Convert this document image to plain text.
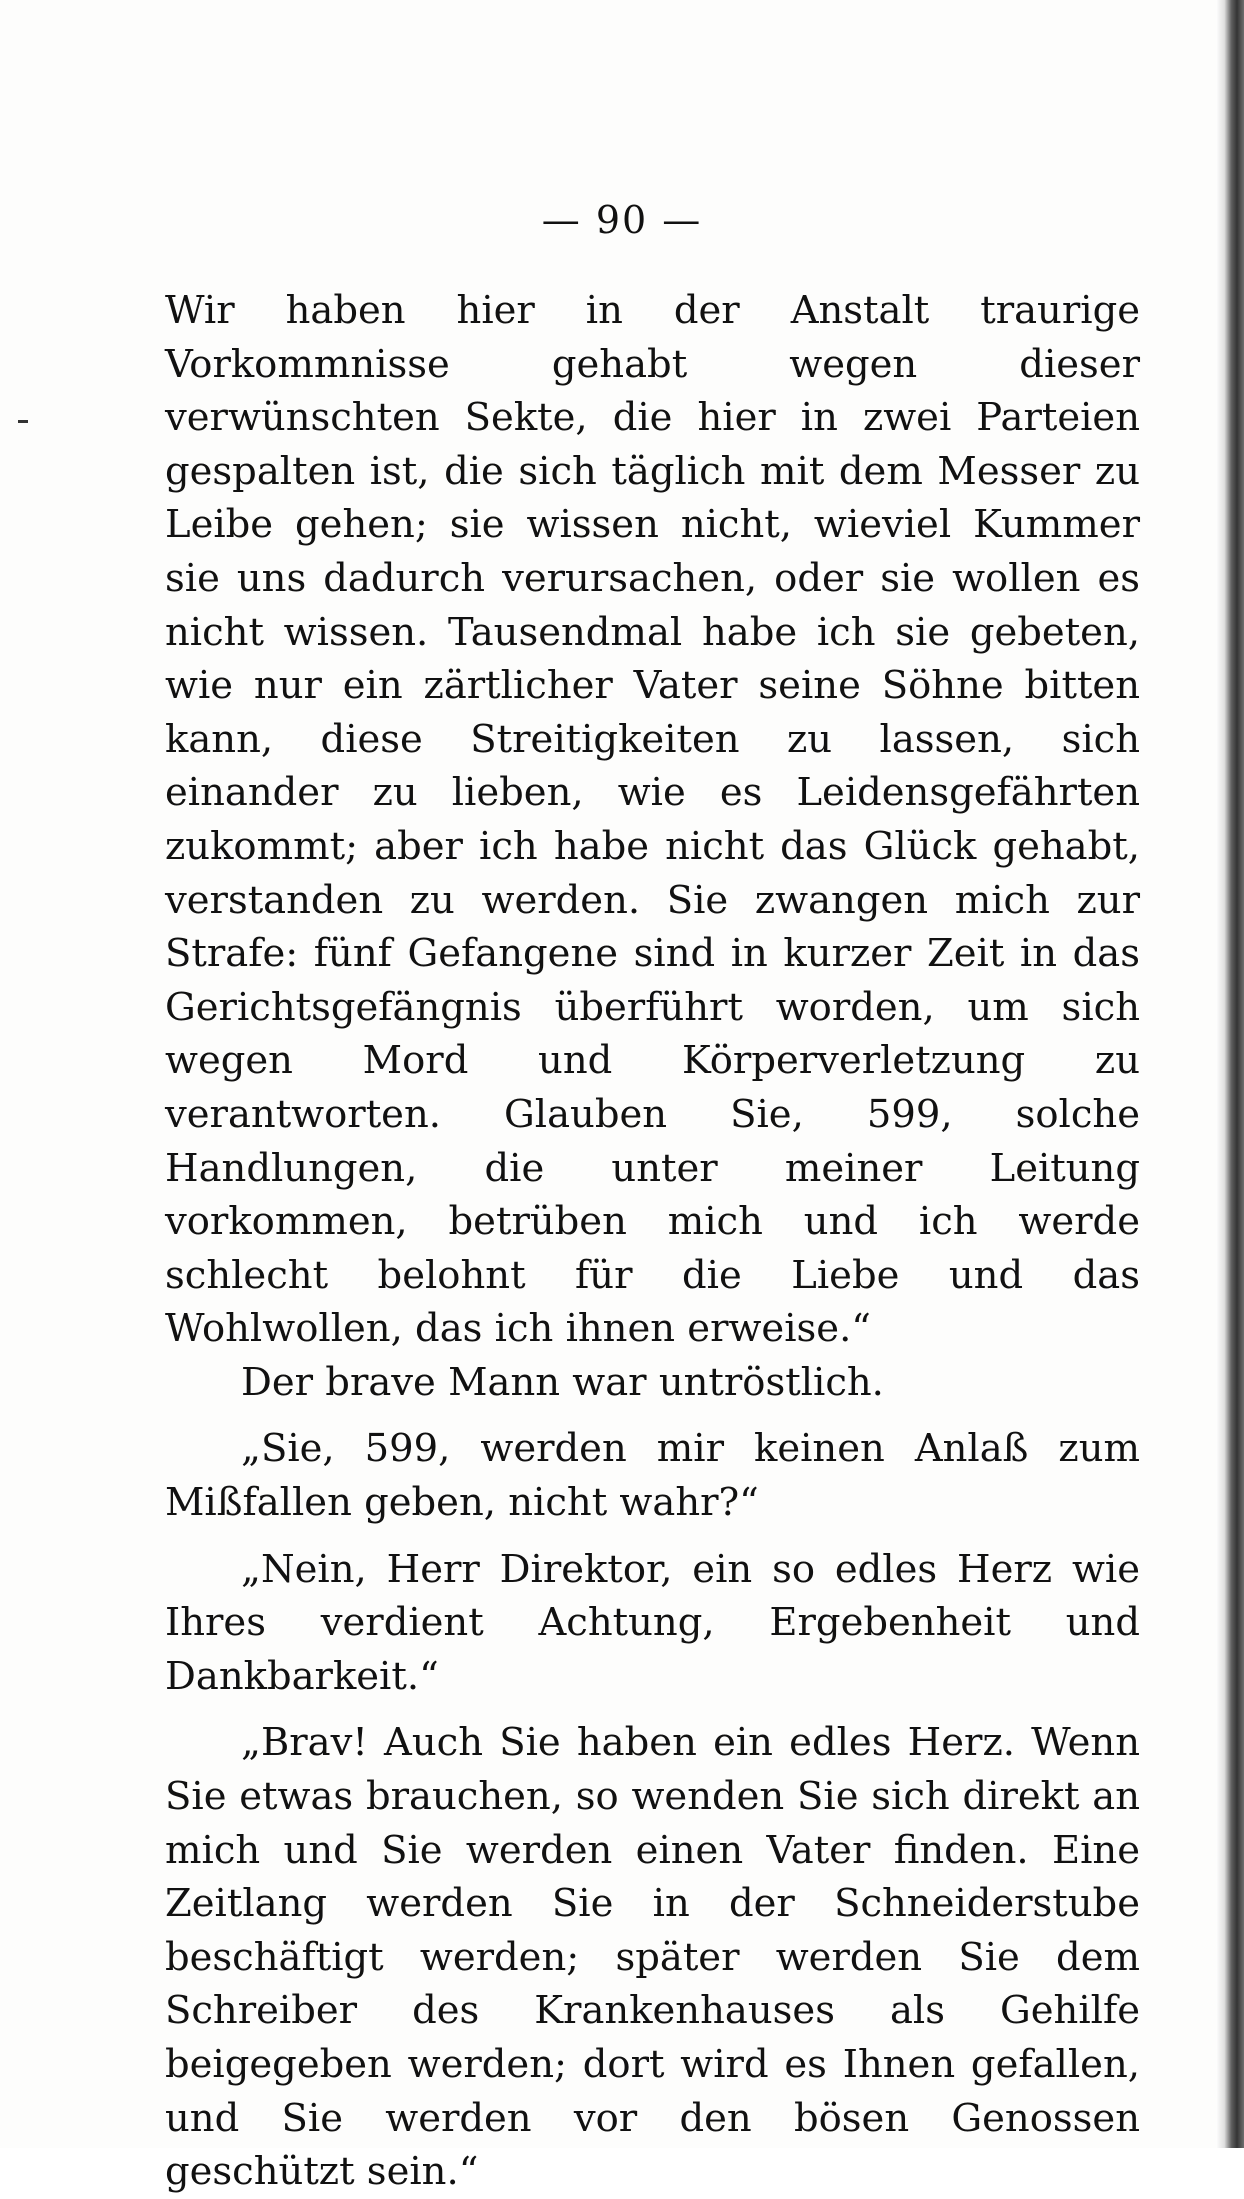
— 90 —

Wir haben hier in der Anstalt traurige Vorkommnisse gehabt wegen dieser verwünschten Sekte, die hier in zwei Parteien gespalten ist, die sich täglich mit dem Messer zu Leibe gehen; sie wissen nicht, wieviel Kummer sie uns dadurch verursachen, oder sie wollen es nicht wissen. Tausendmal habe ich sie gebeten, wie nur ein zärtlicher Vater seine Söhne bitten kann, diese Streitigkeiten zu lassen, sich einander zu lieben, wie es Leidensgefährten zukommt; aber ich habe nicht das Glück gehabt, verstanden zu werden. Sie zwangen mich zur Strafe: fünf Gefangene sind in kurzer Zeit in das Gerichtsgefängnis überführt worden, um sich wegen Mord und Körperverletzung zu verantworten. Glauben Sie, 599, solche Handlungen, die unter meiner Leitung vorkommen, betrüben mich und ich werde schlecht belohnt für die Liebe und das Wohlwollen, das ich ihnen erweise.“

Der brave Mann war untröstlich.

„Sie, 599, werden mir keinen Anlaß zum Mißfallen geben, nicht wahr?“

„Nein, Herr Direktor, ein so edles Herz wie Ihres verdient Achtung, Ergebenheit und Dankbarkeit.“

„Brav! Auch Sie haben ein edles Herz. Wenn Sie etwas brauchen, so wenden Sie sich direkt an mich und Sie werden einen Vater finden. Eine Zeitlang werden Sie in der Schneiderstube beschäftigt werden; später werden Sie dem Schreiber des Krankenhauses als Gehilfe beigegeben werden; dort wird es Ihnen gefallen, und Sie werden vor den bösen Genossen geschützt sein.“
